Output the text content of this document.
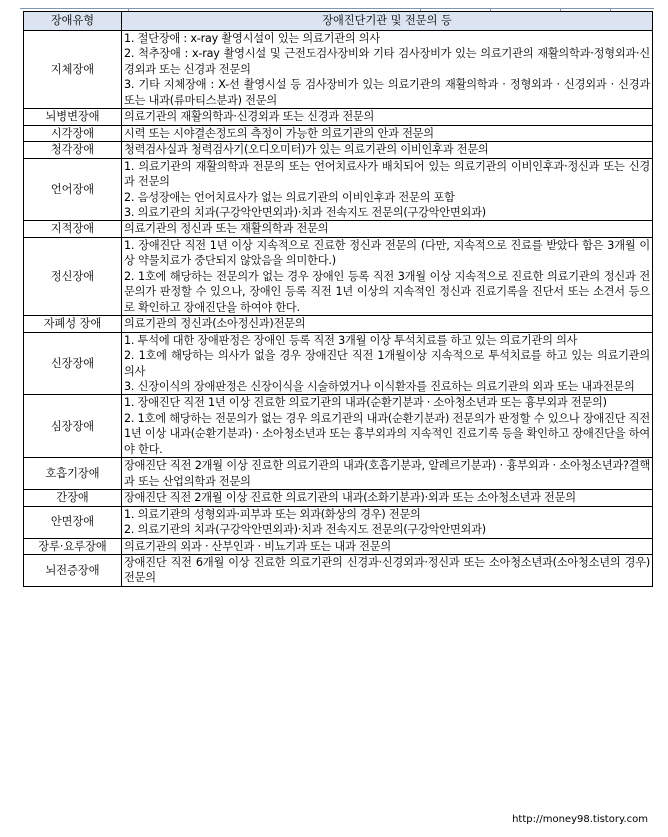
장애유형	장애진단기관 및 전문의 등
지체장애	1. 절단장애 : x-ray 촬영시설이 있는 의료기관의 의사
2. 척추장애 : x-ray 촬영시설 및 근전도검사장비와 기타 검사장비가 있는 의료기관의 재활의학과·정형외과·신경외과 또는 신경과 전문의
3. 기타 지체장애 : X-선 촬영시설 등 검사장비가 있는 의료기관의 재활의학과 · 정형외과 · 신경외과 · 신경과 또는 내과(류마티스분과) 전문의

뇌병변장애	의료기관의 재활의학과·신경외과 또는 신경과 전문의

시각장애	시력 또는 시야결손정도의 측정이 가능한 의료기관의 안과 전문의

청각장애	청력검사실과 청력검사기(오디오미터)가 있는 의료기관의 이비인후과 전문의

언어장애	1. 의료기관의 재활의학과 전문의 또는 언어치료사가 배치되어 있는 의료기관의 이비인후과·정신과 또는 신경과 전문의
2. 음성장애는 언어치료사가 없는 의료기관의 이비인후과 전문의 포함
3. 의료기관의 치과(구강악안면외과)·치과 전속지도 전문의(구강악안면외과)

지적장애	의료기관의 정신과 또는 재활의학과 전문의

정신장애	1. 장애진단 직전 1년 이상 지속적으로 진료한 정신과 전문의 (다만, 지속적으로 진료를 받았다 함은 3개월 이상 약물치료가 중단되지 않았음을 의미한다.)
2. 1호에 해당하는 전문의가 없는 경우 장애인 등록 직전 3개월 이상 지속적으로 진료한 의료기관의 정신과 전문의가 판정할 수 있으나, 장애인 등록 직전 1년 이상의 지속적인 정신과 진료기록을 진단서 또는 소견서 등으로 확인하고 장애진단을 하여야 한다.

자폐성 장애	의료기관의 정신과(소아정신과)전문의

신장장애	1. 투석에 대한 장애판정은 장애인 등록 직전 3개월 이상 투석치료를 하고 있는 의료기관의 의사
2. 1호에 해당하는 의사가 없을 경우 장애진단 직전 1개월이상 지속적으로 투석치료를 하고 있는 의료기관의 의사
3. 신장이식의 장애판정은 신장이식을 시술하였거나 이식환자를 진료하는 의료기관의 외과 또는 내과전문의

심장장애	1. 장애진단 직전 1년 이상 진료한 의료기관의 내과(순환기분과 · 소아청소년과 또는 흉부외과 전문의)
2. 1호에 해당하는 전문의가 없는 경우 의료기관의 내과(순환기분과) 전문의가 판정할 수 있으나 장애진단 직전 1년 이상 내과(순환기분과) · 소아청소년과 또는 흉부외과의 지속적인 진료기록 등을 확인하고 장애진단을 하여야 한다.

호흡기장애	장애진단 직전 2개월 이상 진료한 의료기관의 내과(호흡기분과, 알레르기분과) · 흉부외과 · 소아청소년과?결핵과 또는 산업의학과 전문의

간장애	장애진단 직전 2개월 이상 진료한 의료기관의 내과(소화기분과)·외과 또는 소아청소년과 전문의

안면장애	1. 의료기관의 성형외과·피부과 또는 외과(화상의 경우) 전문의
2. 의료기관의 치과(구강악안면외과)·치과 전속지도 전문의(구강악안면외과)

장루·요루장애	의료기관의 외과 · 산부인과 · 비뇨기과 또는 내과 전문의

뇌전증장애	장애진단 직전 6개월 이상 진료한 의료기관의 신경과·신경외과·정신과 또는 소아청소년과(소아청소년의 경우) 전문의
http://money98.tistory.com
